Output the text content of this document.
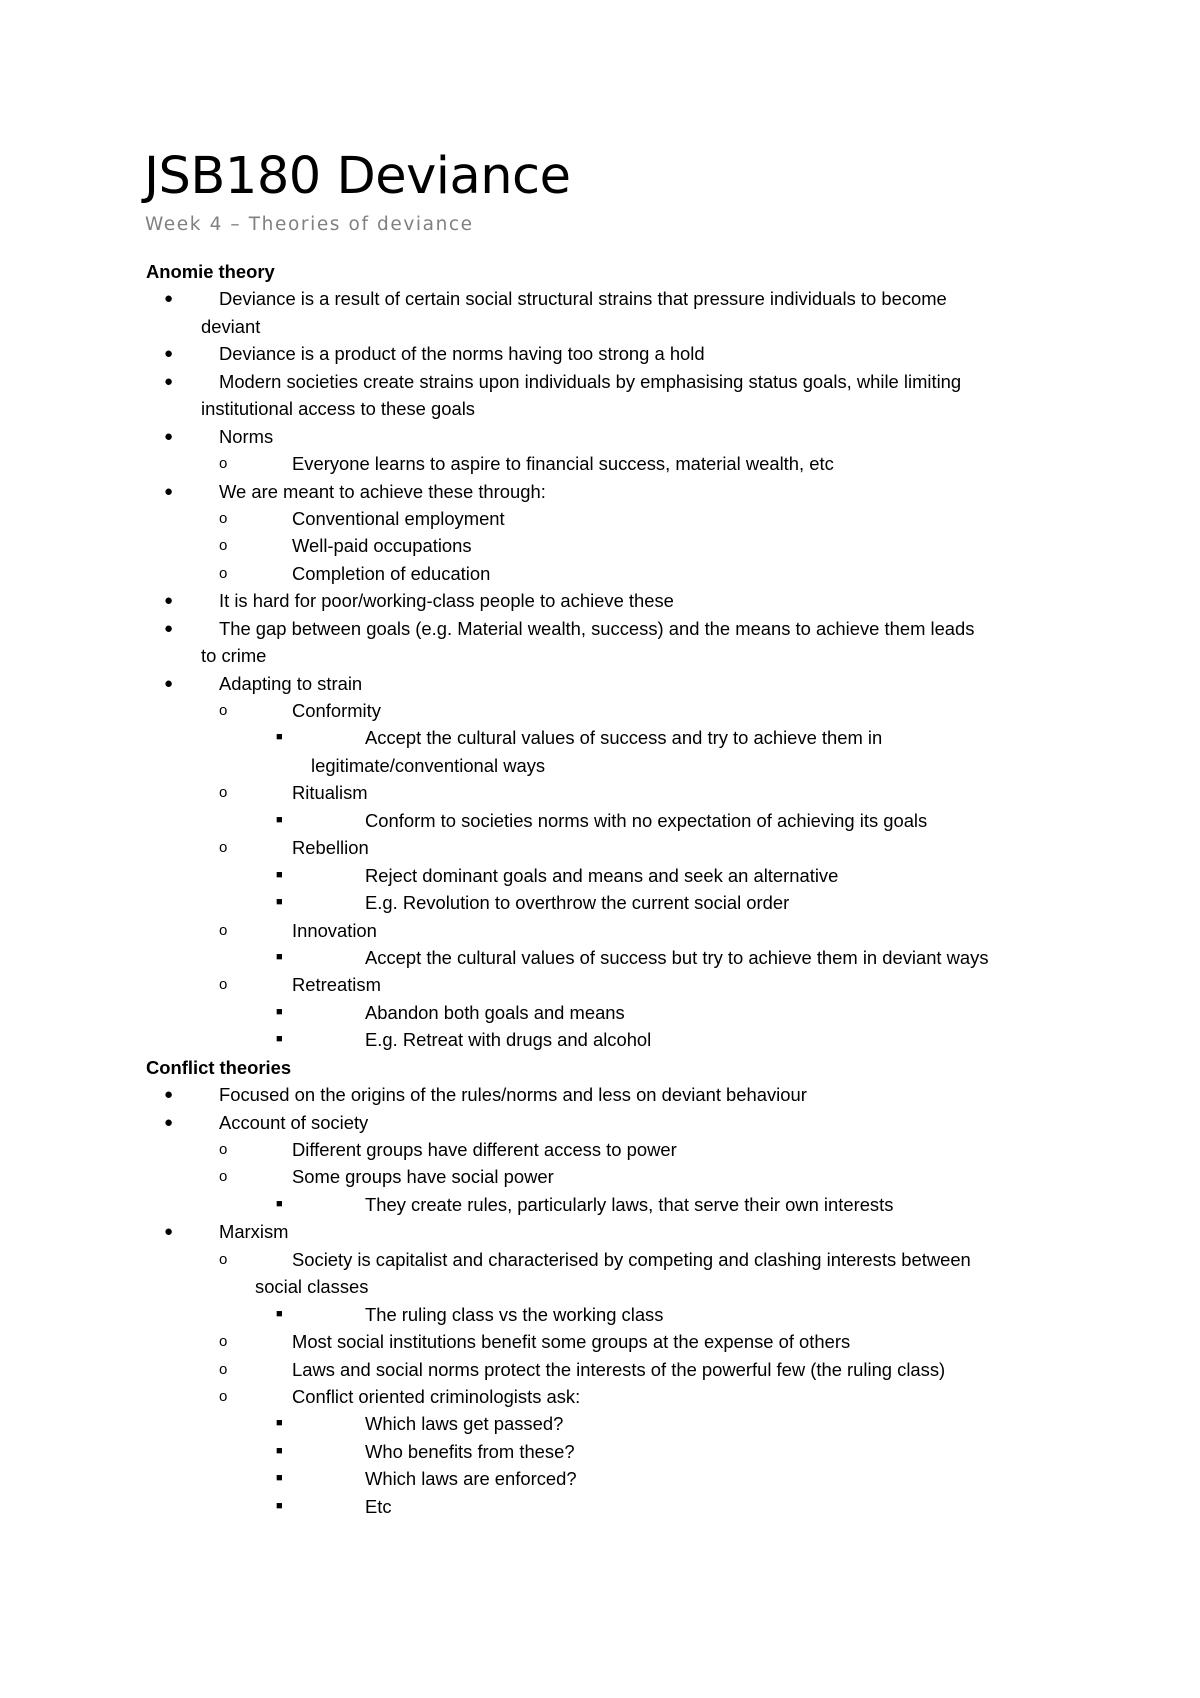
JSB180 Deviance
Week 4 – Theories of deviance
Anomie theory
● Deviance is a result of certain social structural strains that pressure individuals to become
deviant
● Deviance is a product of the norms having too strong a hold
● Modern societies create strains upon individuals by emphasising status goals, while limiting
institutional access to these goals
● Norms
o	Everyone learns to aspire to financial success, material wealth, etc
● We are meant to achieve these through:
o	Conventional employment
o	Well-paid occupations
o	Completion of education
● It is hard for poor/working-class people to achieve these
● The gap between goals (e.g. Material wealth, success) and the means to achieve them leads
to crime
● Adapting to strain
o	Conformity
■	Accept the cultural values of success and try to achieve them in
legitimate/conventional ways
o	Ritualism
■	Conform to societies norms with no expectation of achieving its goals
o	Rebellion
■	Reject dominant goals and means and seek an alternative
■	E.g. Revolution to overthrow the current social order
o	Innovation
■	Accept the cultural values of success but try to achieve them in deviant ways
o	Retreatism
■	Abandon both goals and means
■	E.g. Retreat with drugs and alcohol
Conflict theories
● Focused on the origins of the rules/norms and less on deviant behaviour
● Account of society
o	Different groups have different access to power
o	Some groups have social power
■	They create rules, particularly laws, that serve their own interests
● Marxism
o	Society is capitalist and characterised by competing and clashing interests between
social classes
■	The ruling class vs the working class
o	Most social institutions benefit some groups at the expense of others
o	Laws and social norms protect the interests of the powerful few (the ruling class)
o	Conflict oriented criminologists ask:
■	Which laws get passed?
■	Who benefits from these?
■	Which laws are enforced?
■	Etc
